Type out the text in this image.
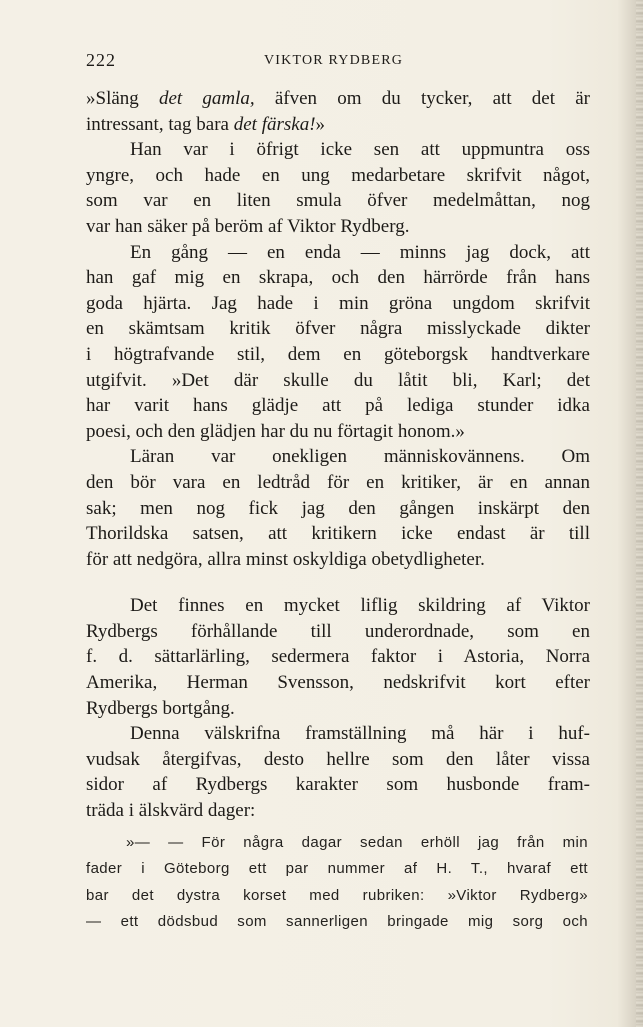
222	VIKTOR RYDBERG
»Släng det gamla, äfven om du tycker, att det är
intressant, tag bara det färska!»
Han var i öfrigt icke sen att uppmuntra oss
yngre, och hade en ung medarbetare skrifvit något,
som var en liten smula öfver medelmåttan, nog
var han säker på beröm af Viktor Rydberg.
En gång — en enda — minns jag dock, att
han gaf mig en skrapa, och den härrörde från hans
goda hjärta. Jag hade i min gröna ungdom skrifvit
en skämtsam kritik öfver några misslyckade dikter
i högtrafvande stil, dem en göteborgsk handtverkare
utgifvit. »Det där skulle du låtit bli, Karl; det
har varit hans glädje att på lediga stunder idka
poesi, och den glädjen har du nu förtagit honom.»
Läran var onekligen människovännens. Om
den bör vara en ledtråd för en kritiker, är en annan
sak; men nog fick jag den gången inskärpt den
Thorildska satsen, att kritikern icke endast är till
för att nedgöra, allra minst oskyldiga obetydligheter.
Det finnes en mycket liflig skildring af Viktor
Rydbergs förhållande till underordnade, som en
f. d. sättarlärling, sedermera faktor i Astoria, Norra
Amerika, Herman Svensson, nedskrifvit kort efter
Rydbergs bortgång.
Denna välskrifna framställning må här i huf-
vudsak återgifvas, desto hellre som den låter vissa
sidor af Rydbergs karakter som husbonde fram-
träda i älskvärd dager:
»— — För några dagar sedan erhöll jag från min
fader i Göteborg ett par nummer af H. T., hvaraf ett
bar det dystra korset med rubriken: »Viktor Rydberg»
— ett dödsbud som sannerligen bringade mig sorg och
